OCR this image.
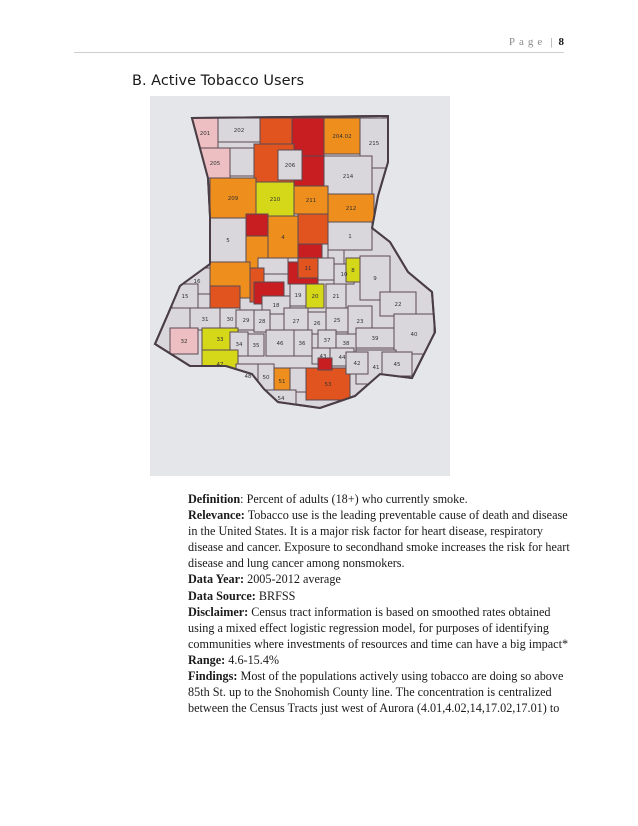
Page | 8
B. Active Tobacco Users
201	202
204.02
215
214
205	206
209	210	211
212
5	4	1
11
10
8
9
16
15
18
19 20	21
22
31	30 29 28	27	26 25	23
32	33
34 35	36	37 38
39
40
46
43 44
41
47
48 50
51	53
54
42	45

Definition: Percent of adults (18+) who currently smoke.

Relevance: Tobacco use is the leading preventable cause of death and disease in the United States. It is a major risk factor for heart disease, respiratory disease and cancer. Exposure to secondhand smoke increases the risk for heart disease and lung cancer among nonsmokers.

Data Year: 2005-2012 average

Data Source: BRFSS

Disclaimer: Census tract information is based on smoothed rates obtained using a mixed effect logistic regression model, for purposes of identifying communities where investments of resources and time can have a big impact*

Range: 4.6-15.4%

Findings: Most of the populations actively using tobacco are doing so above 85th St. up to the Snohomish County line. The concentration is centralized between the Census Tracts just west of Aurora (4.01,4.02,14,17.02,17.01) to
